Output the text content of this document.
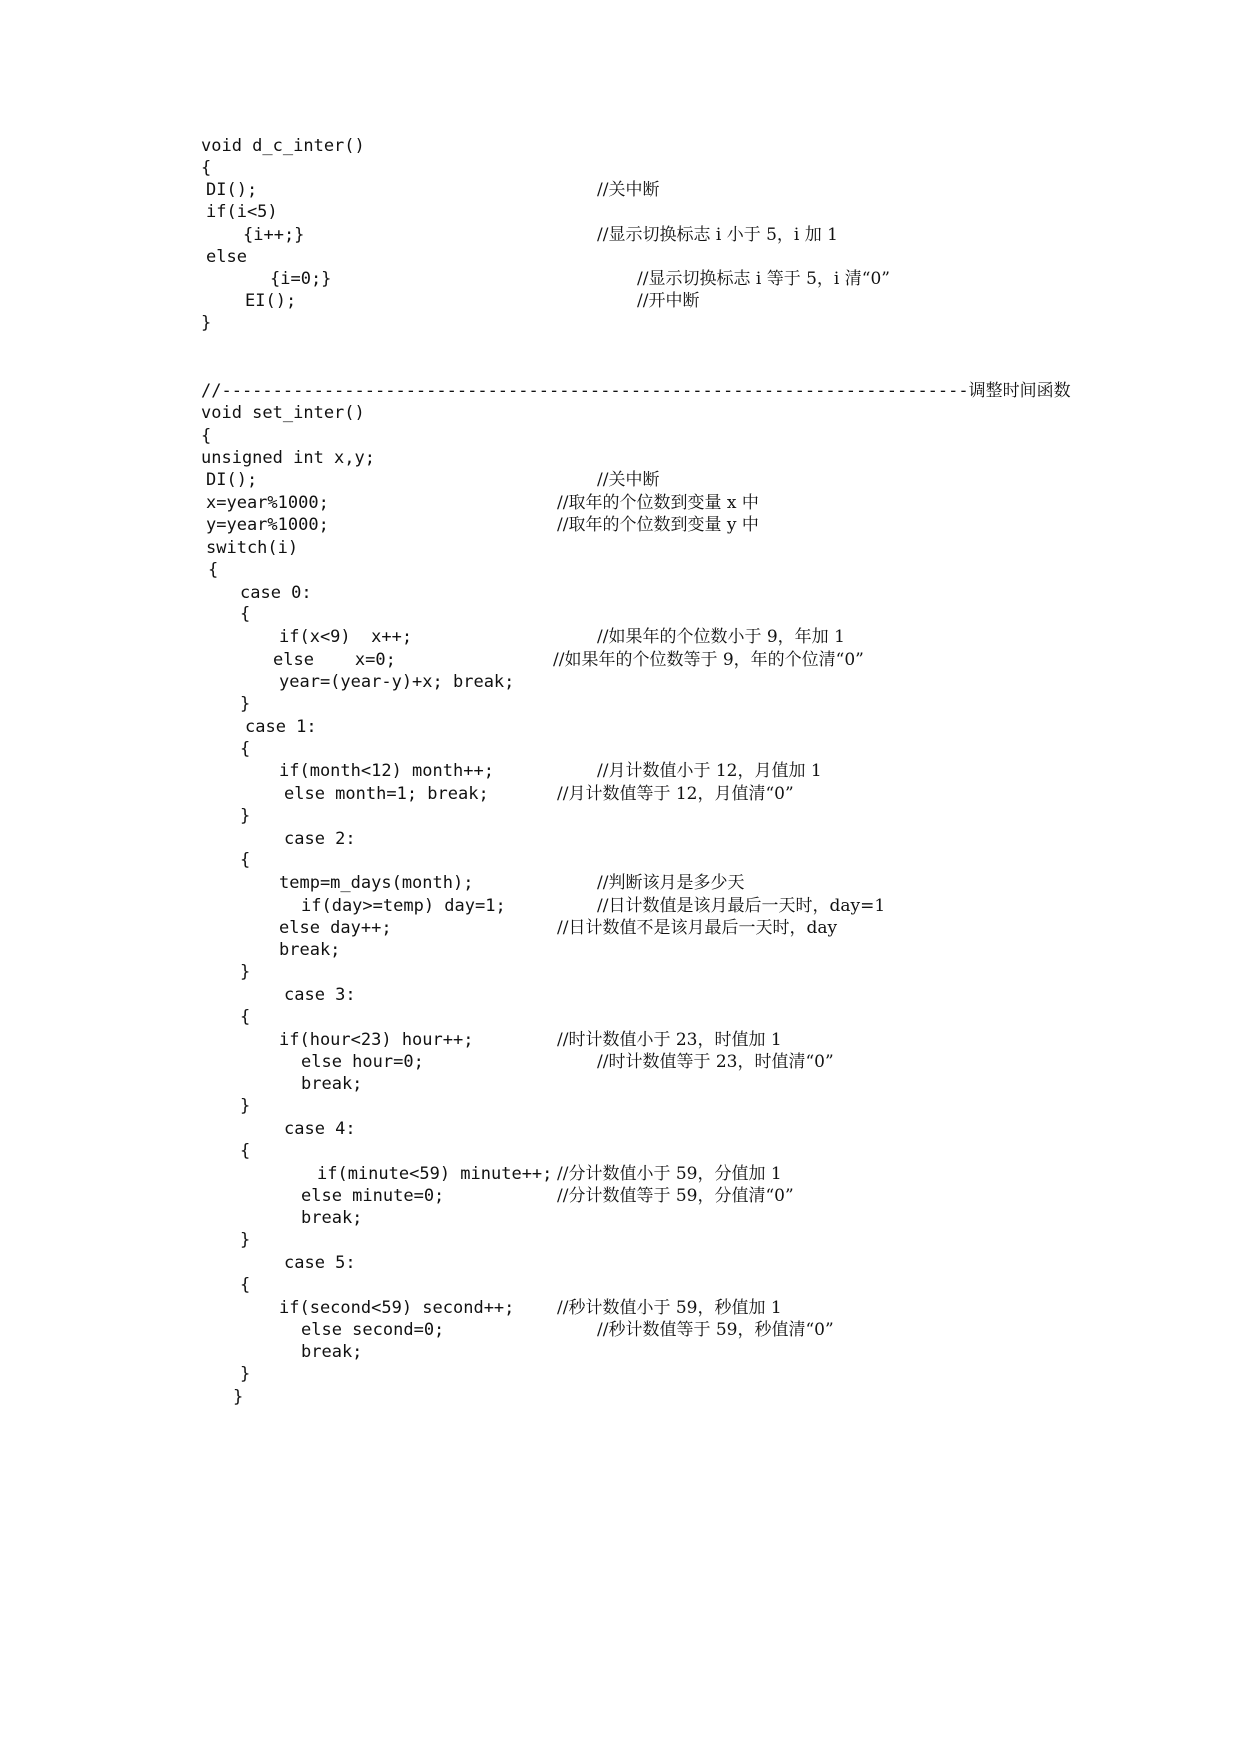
void d_c_inter()
{
DI();	//关中断
if(i<5)
{i++;}	//显示切换标志 i 小于 5，i 加 1
else
{i=0;}	//显示切换标志 i 等于 5，i 清“0”
EI();	//开中断
}
//-------------------------------------------------------------------------调整时间函数
void set_inter()
{
unsigned int x,y;
DI();	//关中断
x=year%1000;	//取年的个位数到变量 x 中
y=year%1000;	//取年的个位数到变量 y 中
switch(i)
{
case 0:
{
if(x<9)  x++;	//如果年的个位数小于 9，年加 1
else    x=0;	//如果年的个位数等于 9，年的个位清“0”
year=(year-y)+x; break;
}
case 1:
{
if(month<12) month++;	//月计数值小于 12，月值加 1
else month=1; break;	//月计数值等于 12，月值清“0”
}
case 2:
{
temp=m_days(month);	//判断该月是多少天
if(day>=temp) day=1;	//日计数值是该月最后一天时，day=1
else day++;	//日计数值不是该月最后一天时，day
break;
}
case 3:
{
if(hour<23) hour++;	//时计数值小于 23，时值加 1
else hour=0;	//时计数值等于 23，时值清“0”
break;
}
case 4:
{
if(minute<59) minute++; //分计数值小于 59，分值加 1
else minute=0;	//分计数值等于 59，分值清“0”
break;
}
case 5:
{
if(second<59) second++;	//秒计数值小于 59，秒值加 1
else second=0;	//秒计数值等于 59，秒值清“0”
break;
}
}
